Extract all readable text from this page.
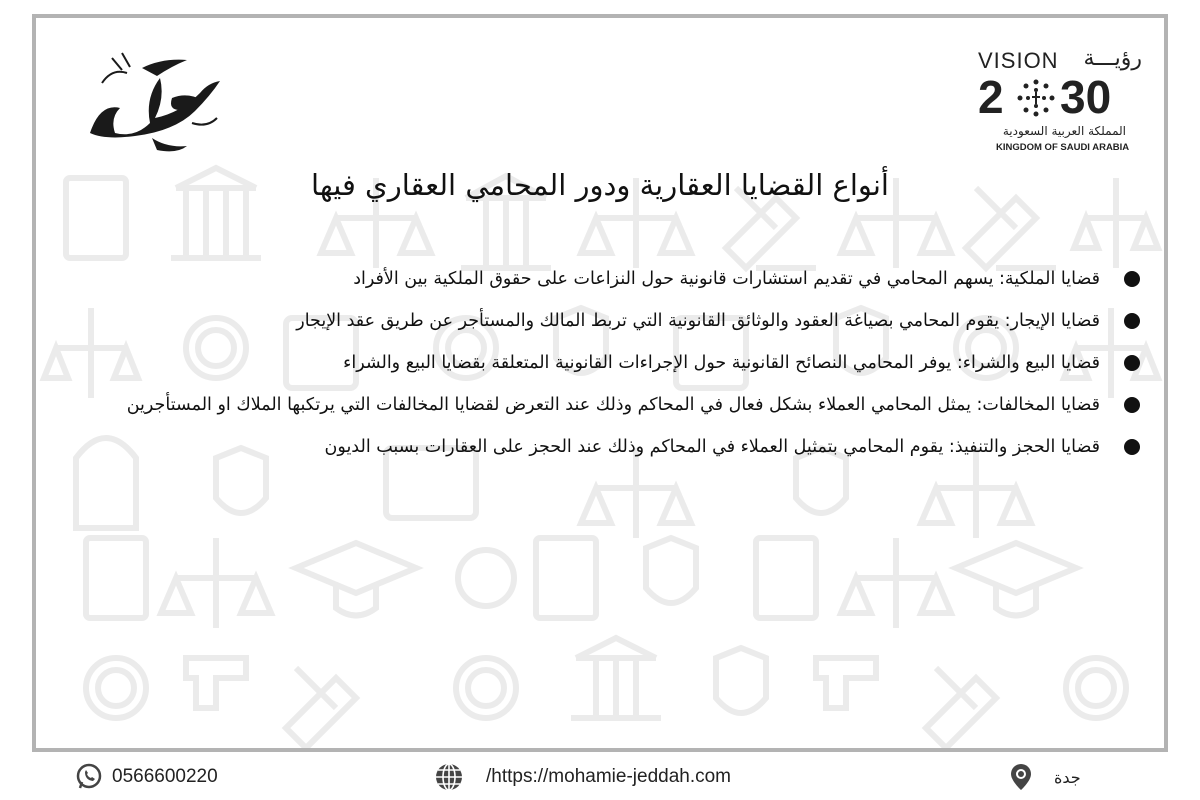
VISION رؤيـــة
2 30
المملكة العربية السعودية
KINGDOM OF SAUDI ARABIA
أنواع القضايا العقارية ودور المحامي العقاري فيها
قضايا الملكية: يسهم المحامي في تقديم استشارات قانونية حول النزاعات على حقوق الملكية بين الأفراد
قضايا الإيجار: يقوم المحامي بصياغة العقود والوثائق القانونية التي تربط المالك والمستأجر عن طريق عقد الإيجار
قضايا البيع والشراء: يوفر المحامي النصائح القانونية حول الإجراءات القانونية المتعلقة بقضايا البيع والشراء
قضايا المخالفات: يمثل المحامي العملاء بشكل فعال في المحاكم وذلك عند التعرض لقضايا المخالفات التي يرتكبها الملاك او المستأجرين
قضايا الحجز والتنفيذ: يقوم المحامي بتمثيل العملاء في المحاكم وذلك عند الحجز على العقارات بسبب الديون
0566600220	/https://mohamie-jeddah.com	جدة
